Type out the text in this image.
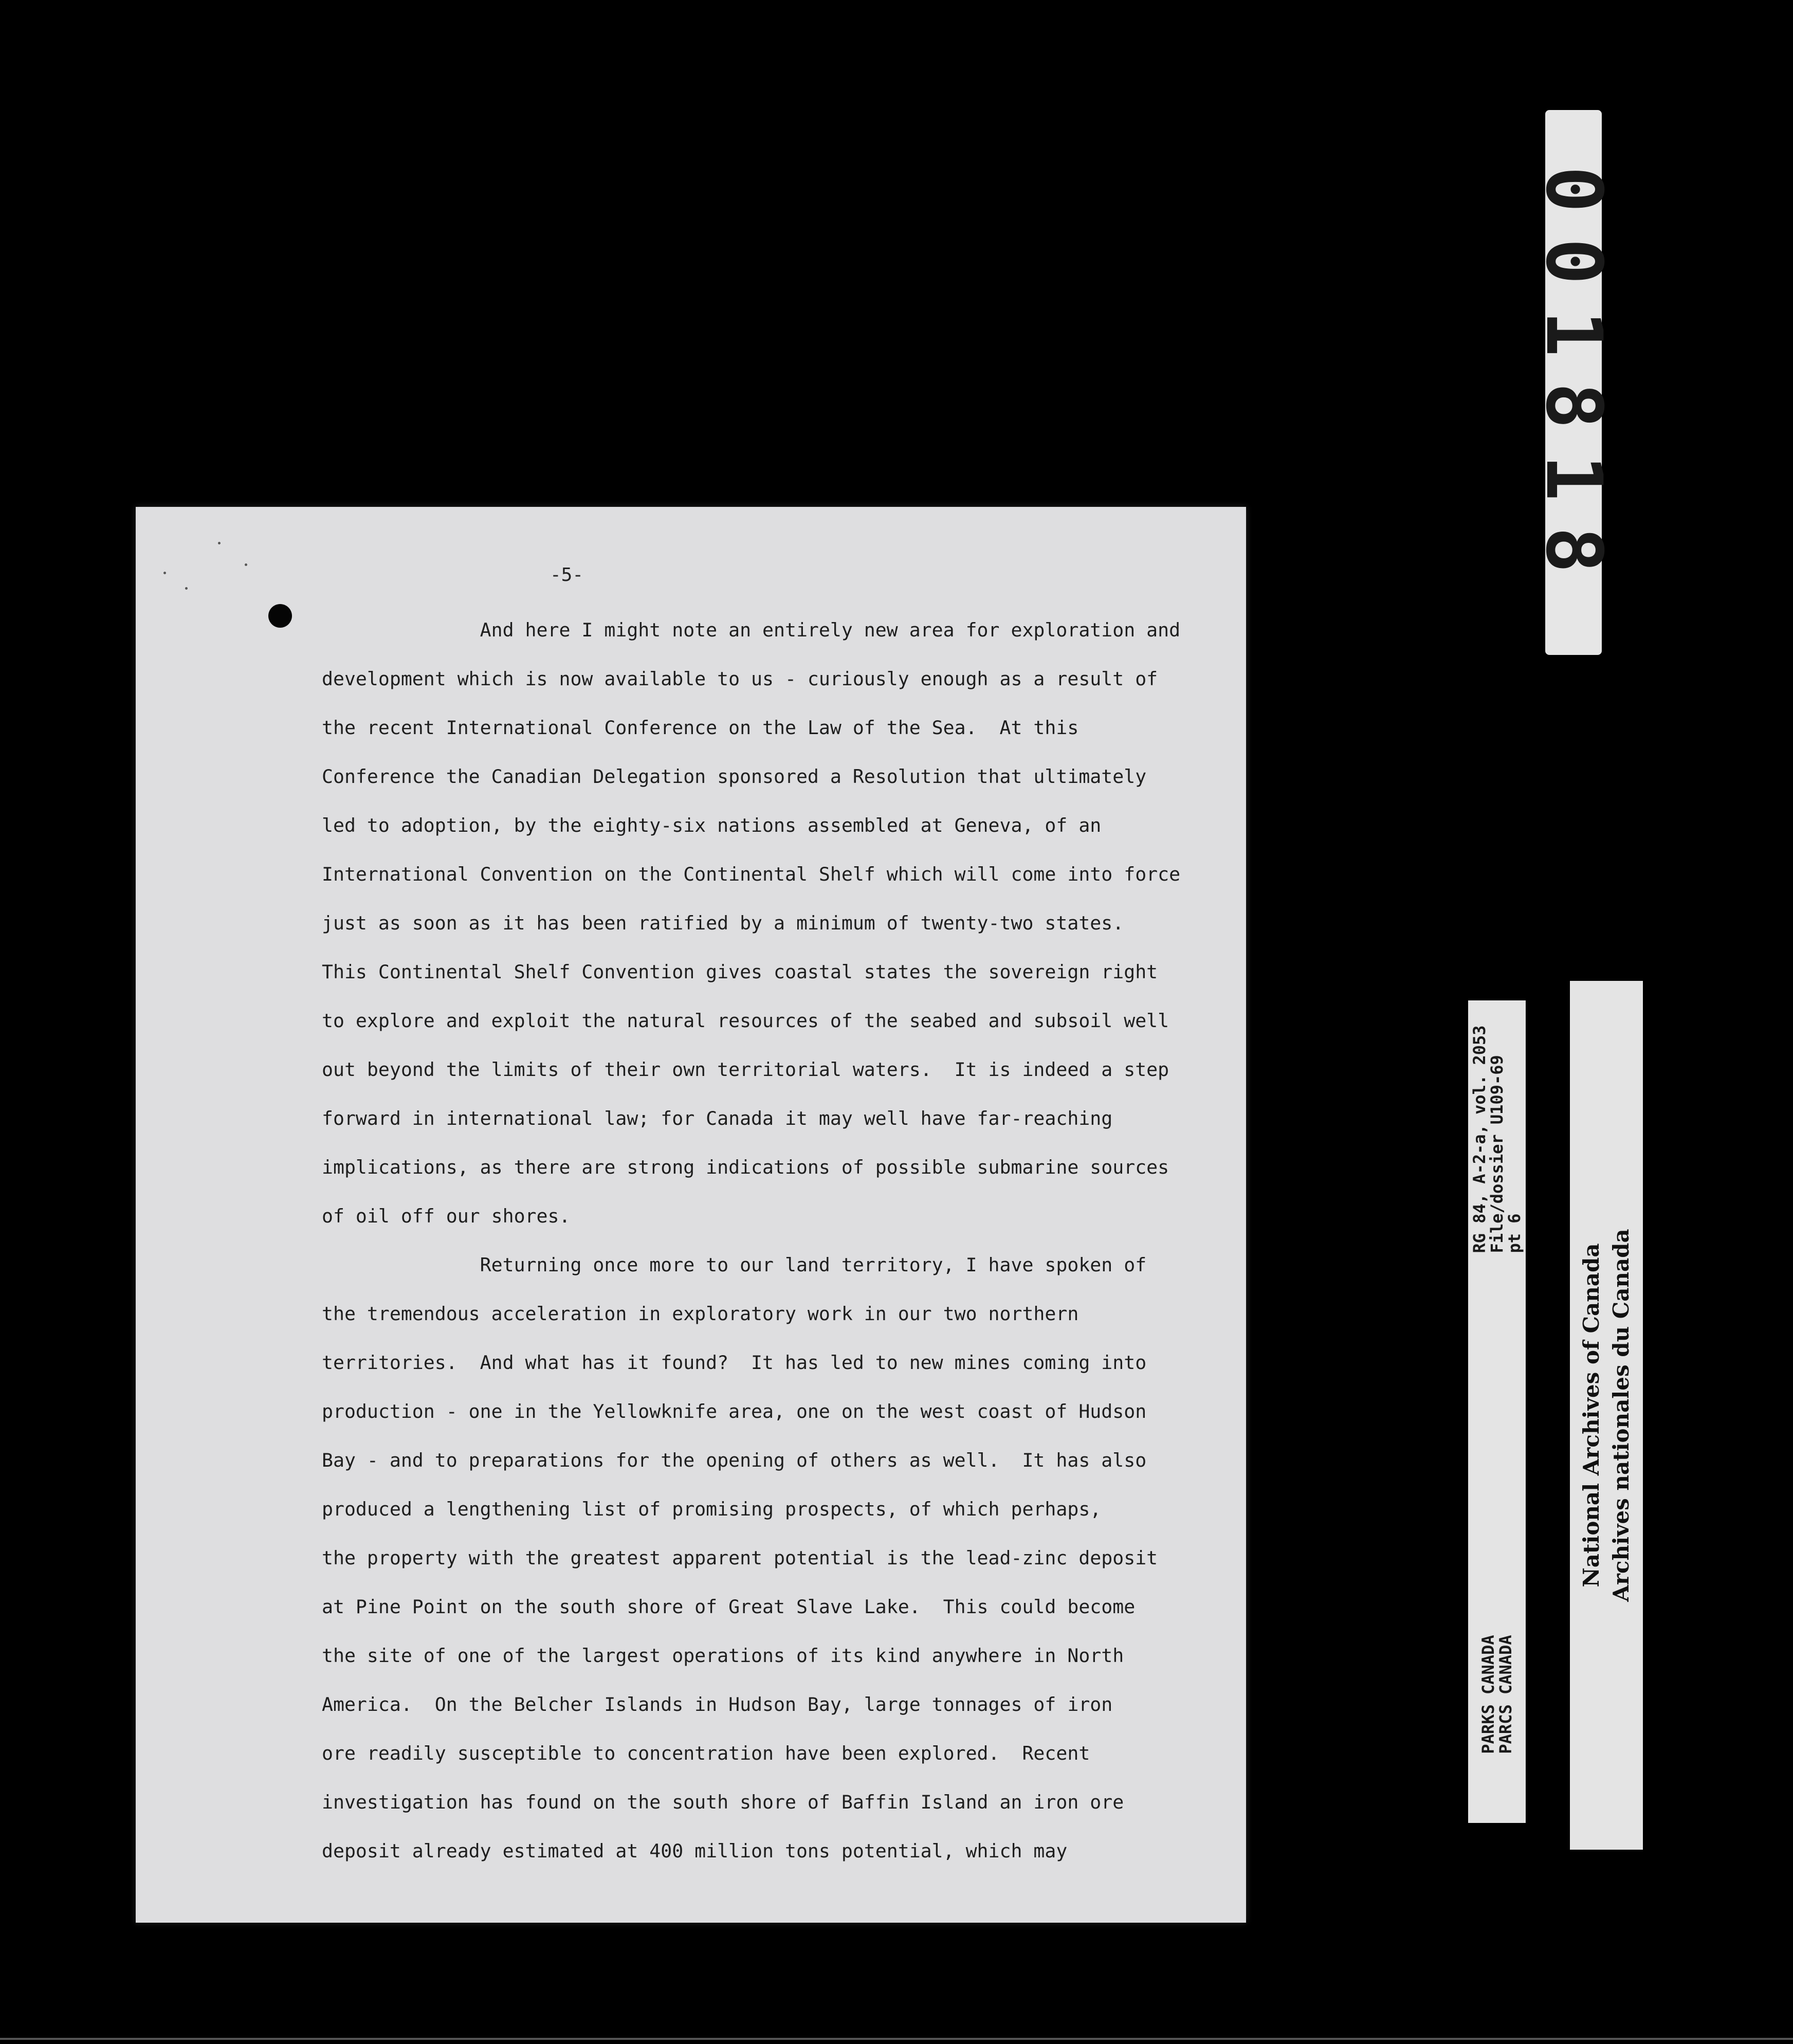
001818
-5-

And here I might note an entirely new area for exploration and

development which is now available to us - curiously enough as a result of

the recent International Conference on the Law of the Sea.  At this

Conference the Canadian Delegation sponsored a Resolution that ultimately

led to adoption, by the eighty-six nations assembled at Geneva, of an

International Convention on the Continental Shelf which will come into force

just as soon as it has been ratified by a minimum of twenty-two states.

This Continental Shelf Convention gives coastal states the sovereign right

to explore and exploit the natural resources of the seabed and subsoil well

out beyond the limits of their own territorial waters.  It is indeed a step

forward in international law; for Canada it may well have far-reaching

implications, as there are strong indications of possible submarine sources

of oil off our shores.

Returning once more to our land territory, I have spoken of

the tremendous acceleration in exploratory work in our two northern

territories.  And what has it found?  It has led to new mines coming into

production - one in the Yellowknife area, one on the west coast of Hudson

Bay - and to preparations for the opening of others as well.  It has also

produced a lengthening list of promising prospects, of which perhaps,

the property with the greatest apparent potential is the lead-zinc deposit

at Pine Point on the south shore of Great Slave Lake.  This could become

the site of one of the largest operations of its kind anywhere in North

America.  On the Belcher Islands in Hudson Bay, large tonnages of iron

ore readily susceptible to concentration have been explored.  Recent

investigation has found on the south shore of Baffin Island an iron ore

deposit already estimated at 400 million tons potential, which may

RG 84, A-2-a, vol. 2053
File/dossier U109-69
pt 6
PARKS CANADA
PARCS CANADA
National Archives of Canada Archives nationales du Canada
